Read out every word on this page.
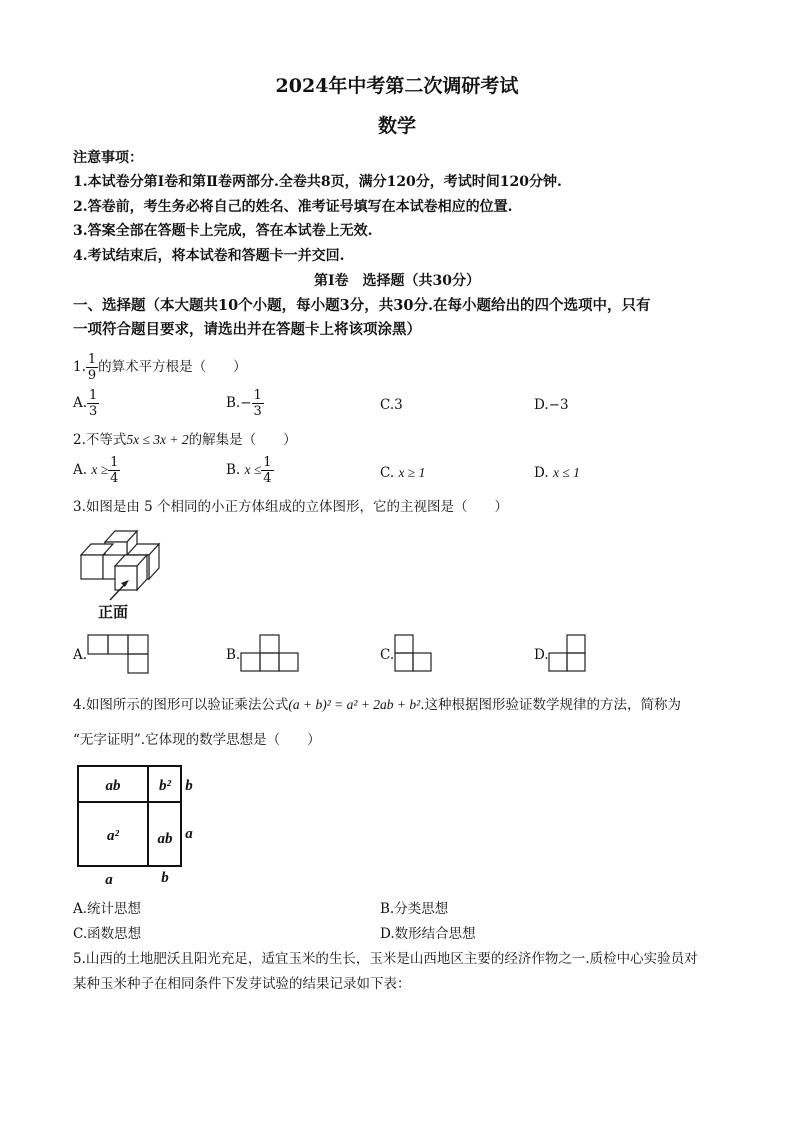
2024年中考第二次调研考试
数学
注意事项：
1.本试卷分第Ⅰ卷和第Ⅱ卷两部分.全卷共8页，满分120分，考试时间120分钟.
2.答卷前，考生务必将自己的姓名、准考证号填写在本试卷相应的位置.
3.答案全部在答题卡上完成，答在本试卷上无效.
4.考试结束后，将本试卷和答题卡一并交回.
第Ⅰ卷　选择题（共30分）
一、选择题（本大题共10个小题，每小题3分，共30分.在每小题给出的四个选项中，只有
一项符合题目要求，请选出并在答题卡上将该项涂黑）
1. $\frac{1}{9}$ 的算术平方根是（　　）
A. $\frac{1}{3}$	$B.- \frac{1}{3}$	C.3	D.−3
2.不等式5x ≤ 3x + 2的解集是（　　）
A. $x \ge \frac{1}{4}$	B. $x \le \frac{1}{4}$	C. x ≥ 1	D. x ≤ 1
3.如图是由 5 个相同的小正方体组成的立体图形，它的主视图是（　　）
正面
A.	B.	C.	D.
4.如图所示的图形可以验证乘法公式(a + b)² = a² + 2ab + b².这种根据图形验证数学规律的方法，简称为
“无字证明”.它体现的数学思想是（　　）
ab	b²
a²	ab
b
a
a	b
A.统计思想	B.分类思想
C.函数思想	D.数形结合思想
5.山西的土地肥沃且阳光充足，适宜玉米的生长，玉米是山西地区主要的经济作物之一.质检中心实验员对
某种玉米种子在相同条件下发芽试验的结果记录如下表：
